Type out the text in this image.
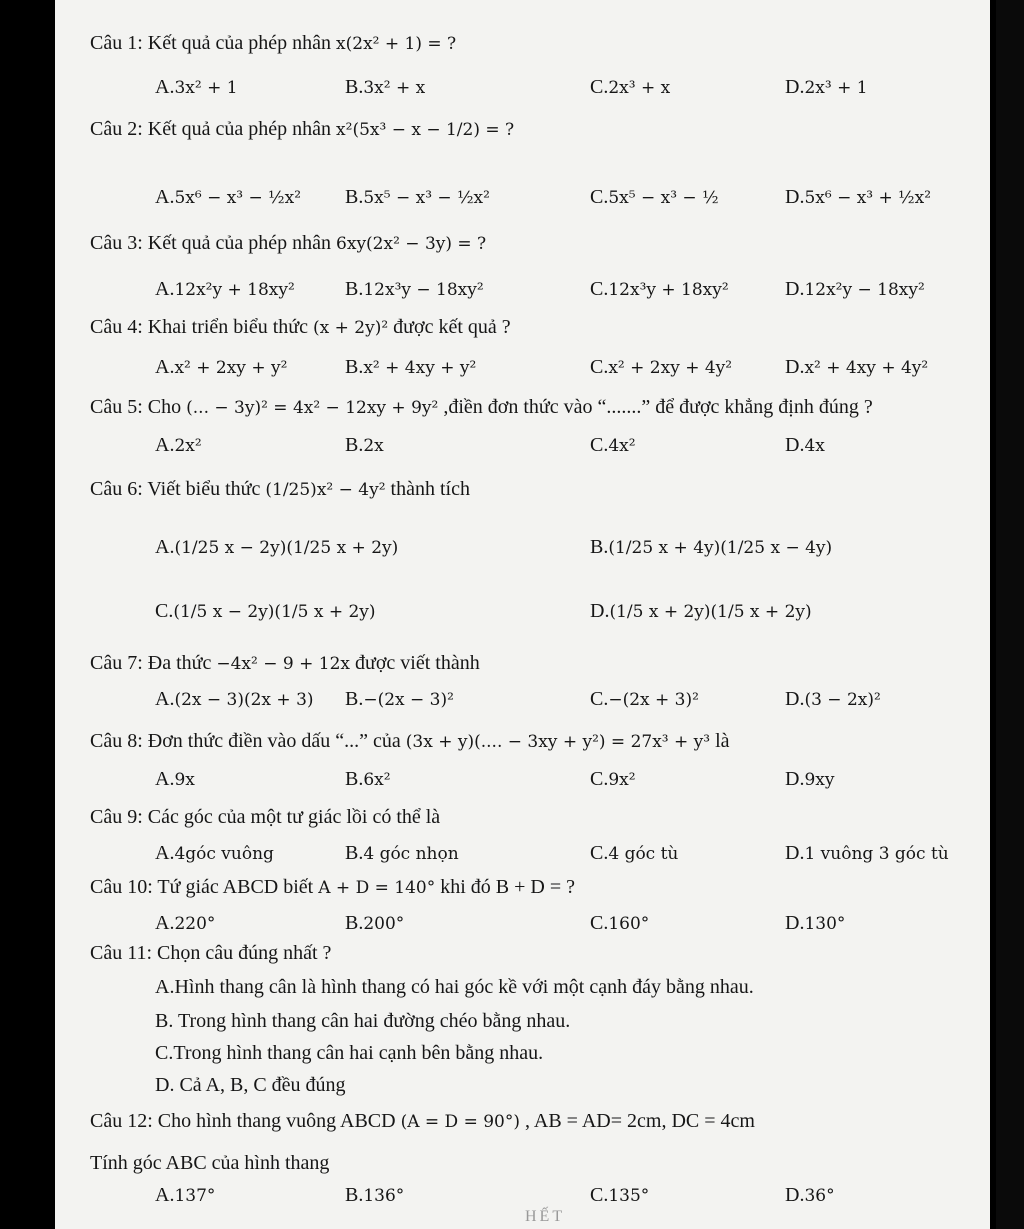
Câu 1: Kết quả của phép nhân x(2x² + 1) = ?
A.3x² + 1	B.3x² + x	C.2x³ + x	D.2x³ + 1
Câu 2: Kết quả của phép nhân x²(5x³ − x − 1/2) = ?
A.5x⁶ − x³ − ½x² B.5x⁵ − x³ − ½x²	C.5x⁵ − x³ − ½	D.5x⁶ − x³ + ½x²
Câu 3: Kết quả của phép nhân 6xy(2x² − 3y) = ?
A.12x²y + 18xy²	B.12x³y − 18xy²	C.12x³y + 18xy²	D.12x²y − 18xy²
Câu 4: Khai triển biểu thức (x + 2y)² được kết quả ?
A.x² + 2xy + y²	B.x² + 4xy + y²	C.x² + 2xy + 4y²	D.x² + 4xy + 4y²
Câu 5: Cho (... − 3y)² = 4x² − 12xy + 9y² ,điền đơn thức vào “.......” để được khẳng định đúng ?
A.2x²	B.2x	C.4x²	D.4x
Câu 6: Viết biểu thức (1/25)x² − 4y² thành tích
Câu 7: Đa thức −4x² − 9 + 12x được viết thành
A.(2x − 3)(2x + 3) B.−(2x − 3)²	C.−(2x + 3)²	D.(3 − 2x)²
Câu 8: Đơn thức điền vào dấu “...” của (3x + y)(.... − 3xy + y²) = 27x³ + y³ là
A.9x	B.6x²	C.9x²	D.9xy
Câu 9: Các góc của một tư giác lồi có thể là
A.4góc vuông	B.4 góc nhọn	C.4 góc tù	D.1 vuông 3 góc tù
Câu 10: Tứ giác ABCD biết A + D = 140° khi đó B + D = ?
A.220°	B.200°	C.160°	D.130°
Câu 11: Chọn câu đúng nhất ?
Câu 12: Cho hình thang vuông ABCD (A = D = 90°) , AB = AD= 2cm, DC = 4cm
A.(1/25 x − 2y)(1/25 x + 2y)	B.(1/25 x + 4y)(1/25 x − 4y)
C.(1/5 x − 2y)(1/5 x + 2y)	D.(1/5 x + 2y)(1/5 x + 2y)
A.Hình thang cân là hình thang có hai góc kề với một cạnh đáy bằng nhau.
B. Trong hình thang cân hai đường chéo bằng nhau.
C.Trong hình thang cân hai cạnh bên bằng nhau.
D. Cả A, B, C đều đúng
Tính góc ABC của hình thang
A.137°	B.136°	C.135°	D.36°
HẾT
